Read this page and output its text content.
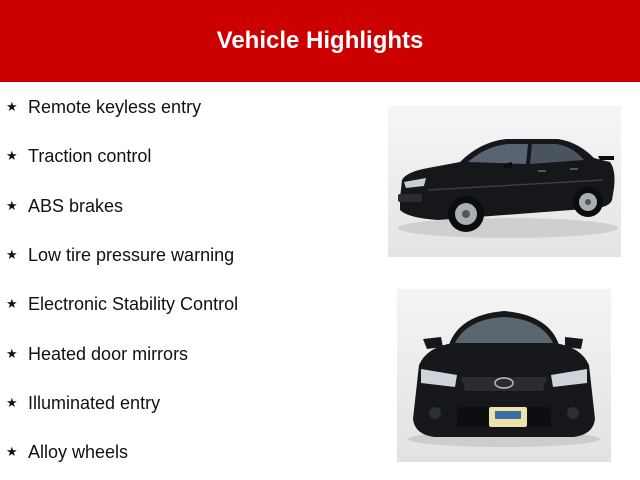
Vehicle Highlights
★ Remote keyless entry
★ Traction control
★ ABS brakes
★ Low tire pressure warning
★ Electronic Stability Control
★ Heated door mirrors
★ Illuminated entry
★ Alloy wheels
